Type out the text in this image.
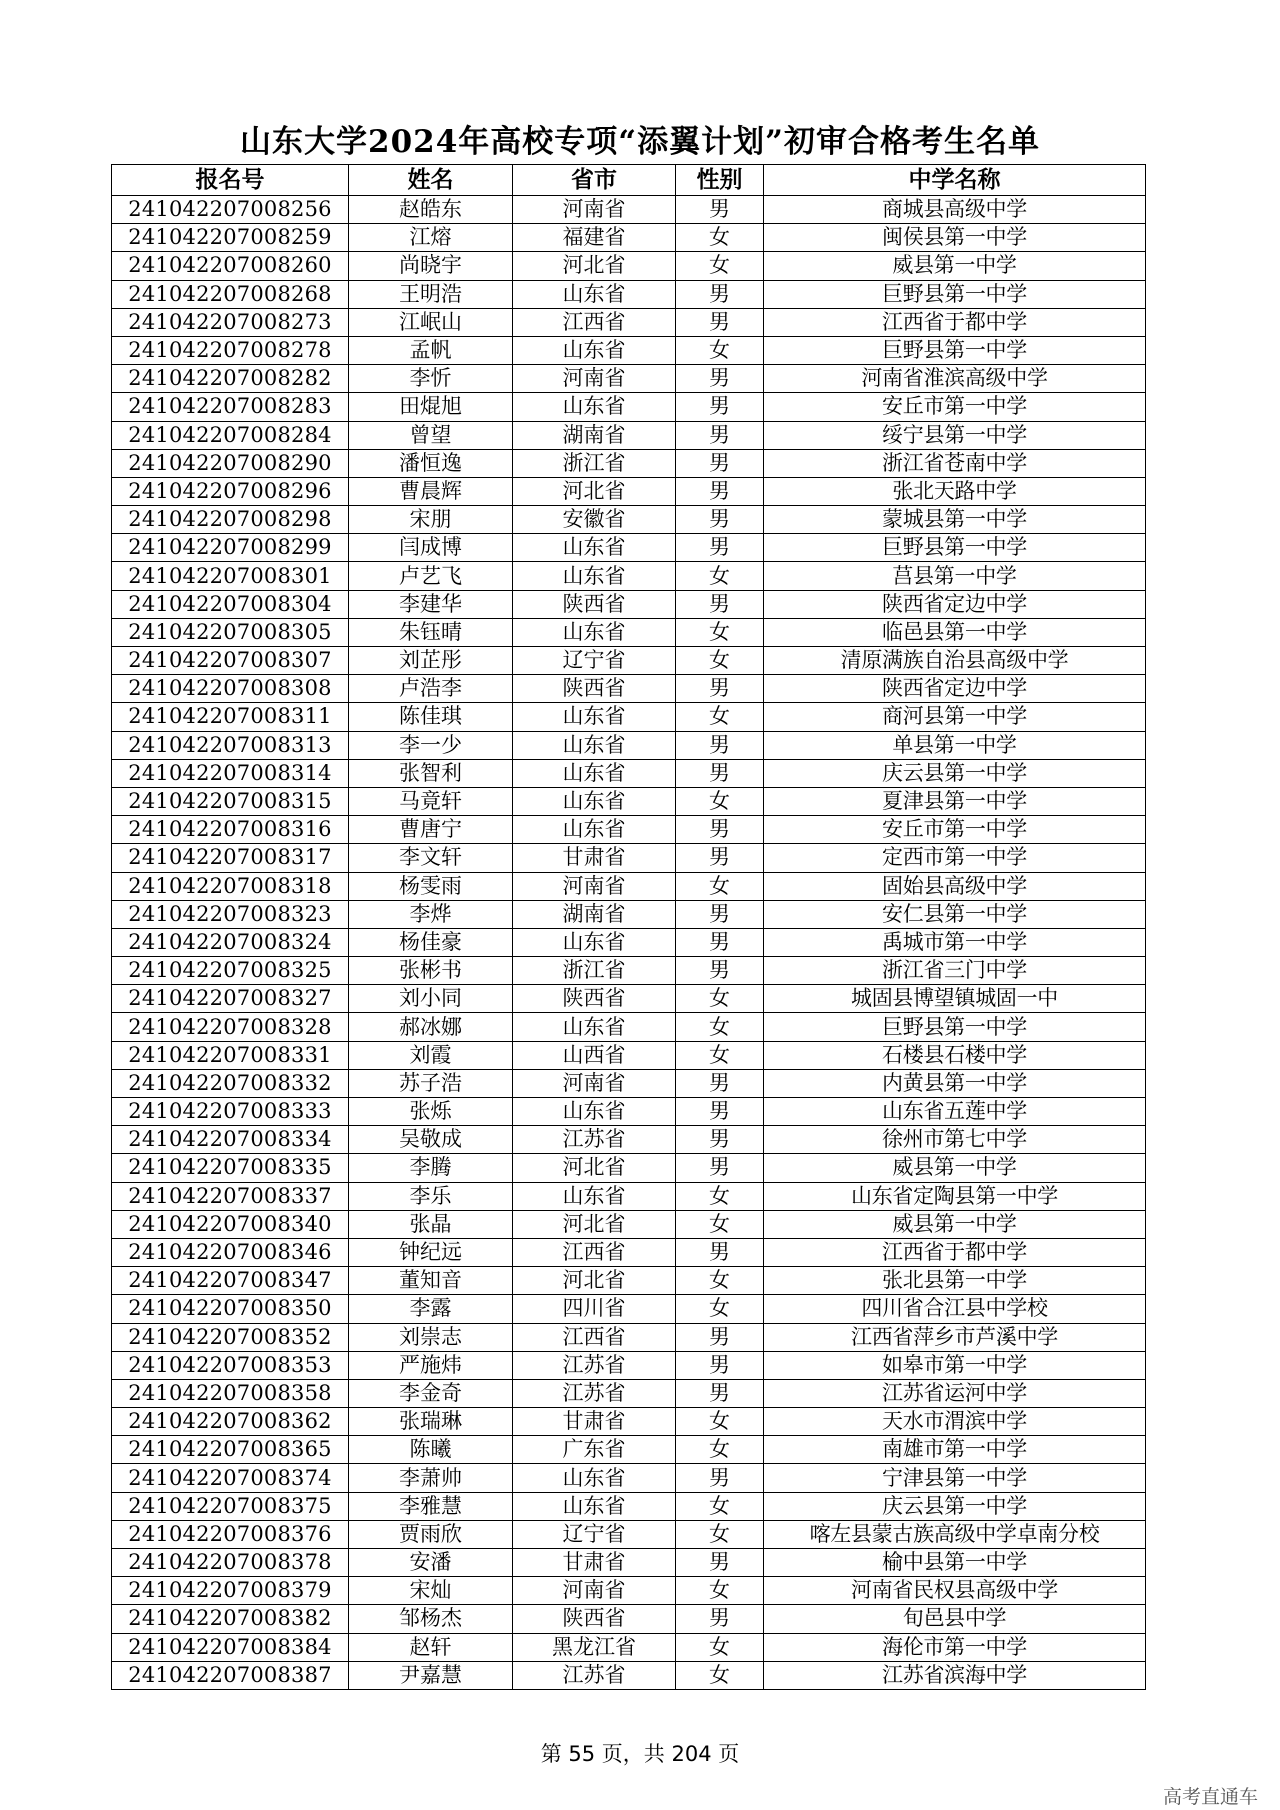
山东大学2024年高校专项“添翼计划”初审合格考生名单
报名号	姓名	省市	性别	中学名称
241042207008256	赵皓东	河南省	男	商城县高级中学
241042207008259	江熔	福建省	女	闽侯县第一中学
241042207008260	尚晓宇	河北省	女	威县第一中学
241042207008268	王明浩	山东省	男	巨野县第一中学
241042207008273	江岷山	江西省	男	江西省于都中学
241042207008278	孟帆	山东省	女	巨野县第一中学
241042207008282	李忻	河南省	男	河南省淮滨高级中学
241042207008283	田焜旭	山东省	男	安丘市第一中学
241042207008284	曾望	湖南省	男	绥宁县第一中学
241042207008290	潘恒逸	浙江省	男	浙江省苍南中学
241042207008296	曹晨辉	河北省	男	张北天路中学
241042207008298	宋朋	安徽省	男	蒙城县第一中学
241042207008299	闫成博	山东省	男	巨野县第一中学
241042207008301	卢艺飞	山东省	女	莒县第一中学
241042207008304	李建华	陕西省	男	陕西省定边中学
241042207008305	朱钰晴	山东省	女	临邑县第一中学
241042207008307	刘芷彤	辽宁省	女	清原满族自治县高级中学
241042207008308	卢浩李	陕西省	男	陕西省定边中学
241042207008311	陈佳琪	山东省	女	商河县第一中学
241042207008313	李一少	山东省	男	单县第一中学
241042207008314	张智利	山东省	男	庆云县第一中学
241042207008315	马竟轩	山东省	女	夏津县第一中学
241042207008316	曹唐宁	山东省	男	安丘市第一中学
241042207008317	李文轩	甘肃省	男	定西市第一中学
241042207008318	杨雯雨	河南省	女	固始县高级中学
241042207008323	李烨	湖南省	男	安仁县第一中学
241042207008324	杨佳豪	山东省	男	禹城市第一中学
241042207008325	张彬书	浙江省	男	浙江省三门中学
241042207008327	刘小同	陕西省	女	城固县博望镇城固一中
241042207008328	郝冰娜	山东省	女	巨野县第一中学
241042207008331	刘霞	山西省	女	石楼县石楼中学
241042207008332	苏子浩	河南省	男	内黄县第一中学
241042207008333	张烁	山东省	男	山东省五莲中学
241042207008334	吴敬成	江苏省	男	徐州市第七中学
241042207008335	李腾	河北省	男	威县第一中学
241042207008337	李乐	山东省	女	山东省定陶县第一中学
241042207008340	张晶	河北省	女	威县第一中学
241042207008346	钟纪远	江西省	男	江西省于都中学
241042207008347	董知音	河北省	女	张北县第一中学
241042207008350	李露	四川省	女	四川省合江县中学校
241042207008352	刘崇志	江西省	男	江西省萍乡市芦溪中学
241042207008353	严施炜	江苏省	男	如皋市第一中学
241042207008358	李金奇	江苏省	男	江苏省运河中学
241042207008362	张瑞琳	甘肃省	女	天水市渭滨中学
241042207008365	陈曦	广东省	女	南雄市第一中学
241042207008374	李萧帅	山东省	男	宁津县第一中学
241042207008375	李雅慧	山东省	女	庆云县第一中学
241042207008376	贾雨欣	辽宁省	女	喀左县蒙古族高级中学卓南分校
241042207008378	安潘	甘肃省	男	榆中县第一中学
241042207008379	宋灿	河南省	女	河南省民权县高级中学
241042207008382	邹杨杰	陕西省	男	旬邑县中学
241042207008384	赵轩	黑龙江省	女	海伦市第一中学
241042207008387	尹嘉慧	江苏省	女	江苏省滨海中学
第 55 页，共 204 页
高考直通车
